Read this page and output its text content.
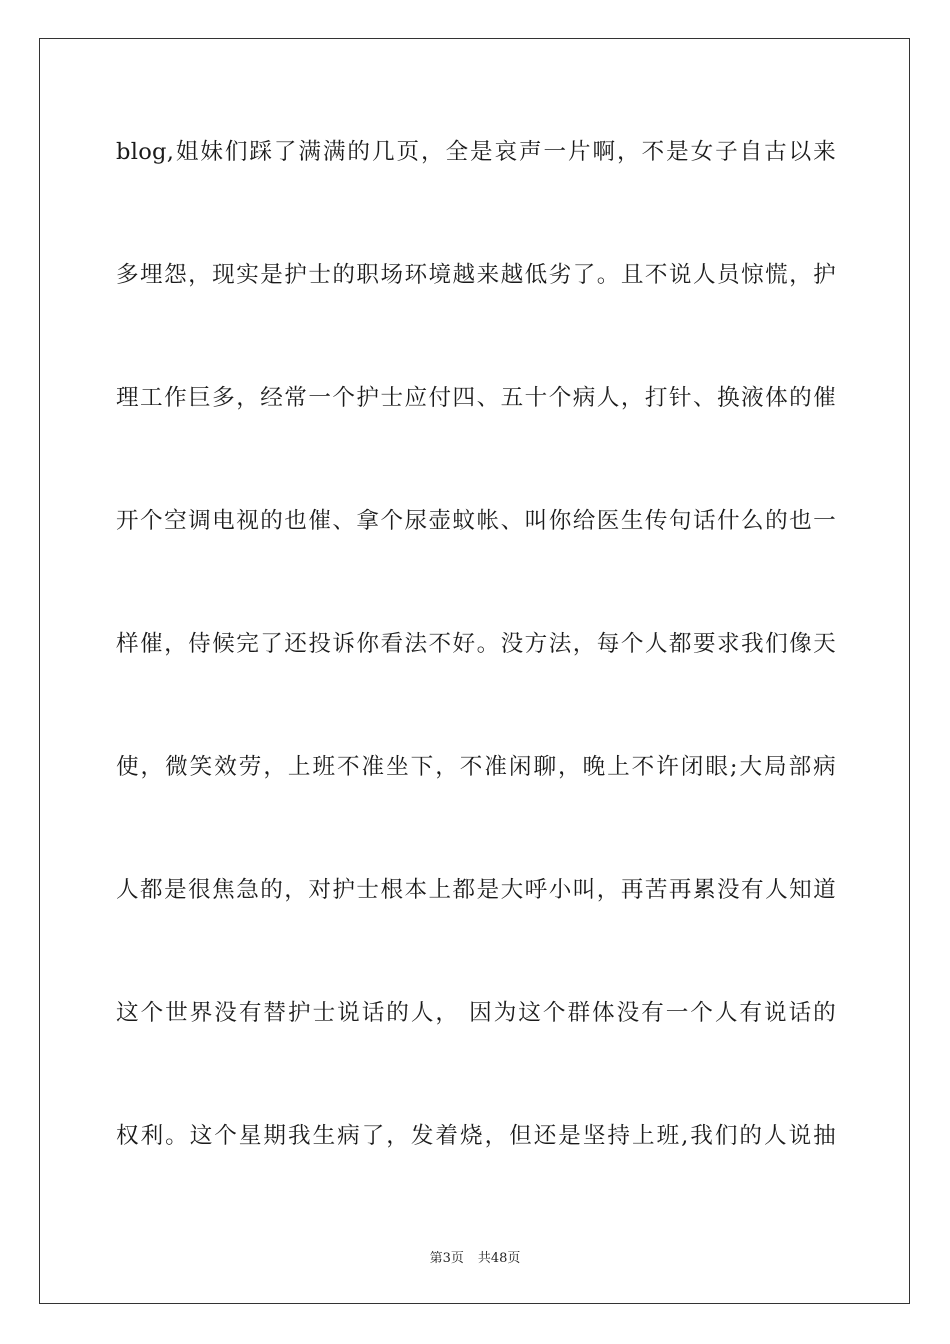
blog,姐妹们踩了满满的几页，全是哀声一片啊，不是女子自古以来
多埋怨，现实是护士的职场环境越来越低劣了。且不说人员惊慌，护
理工作巨多，经常一个护士应付四、五十个病人，打针、换液体的催
开个空调电视的也催、拿个尿壶蚊帐、叫你给医生传句话什么的也一
样催，侍候完了还投诉你看法不好。没方法，每个人都要求我们像天
使，微笑效劳，上班不准坐下，不准闲聊，晚上不许闭眼;大局部病
人都是很焦急的，对护士根本上都是大呼小叫，再苦再累没有人知道
这个世界没有替护士说话的人， 因为这个群体没有一个人有说话的
权利。这个星期我生病了，发着烧，但还是坚持上班,我们的人说抽
第3页 共48页
